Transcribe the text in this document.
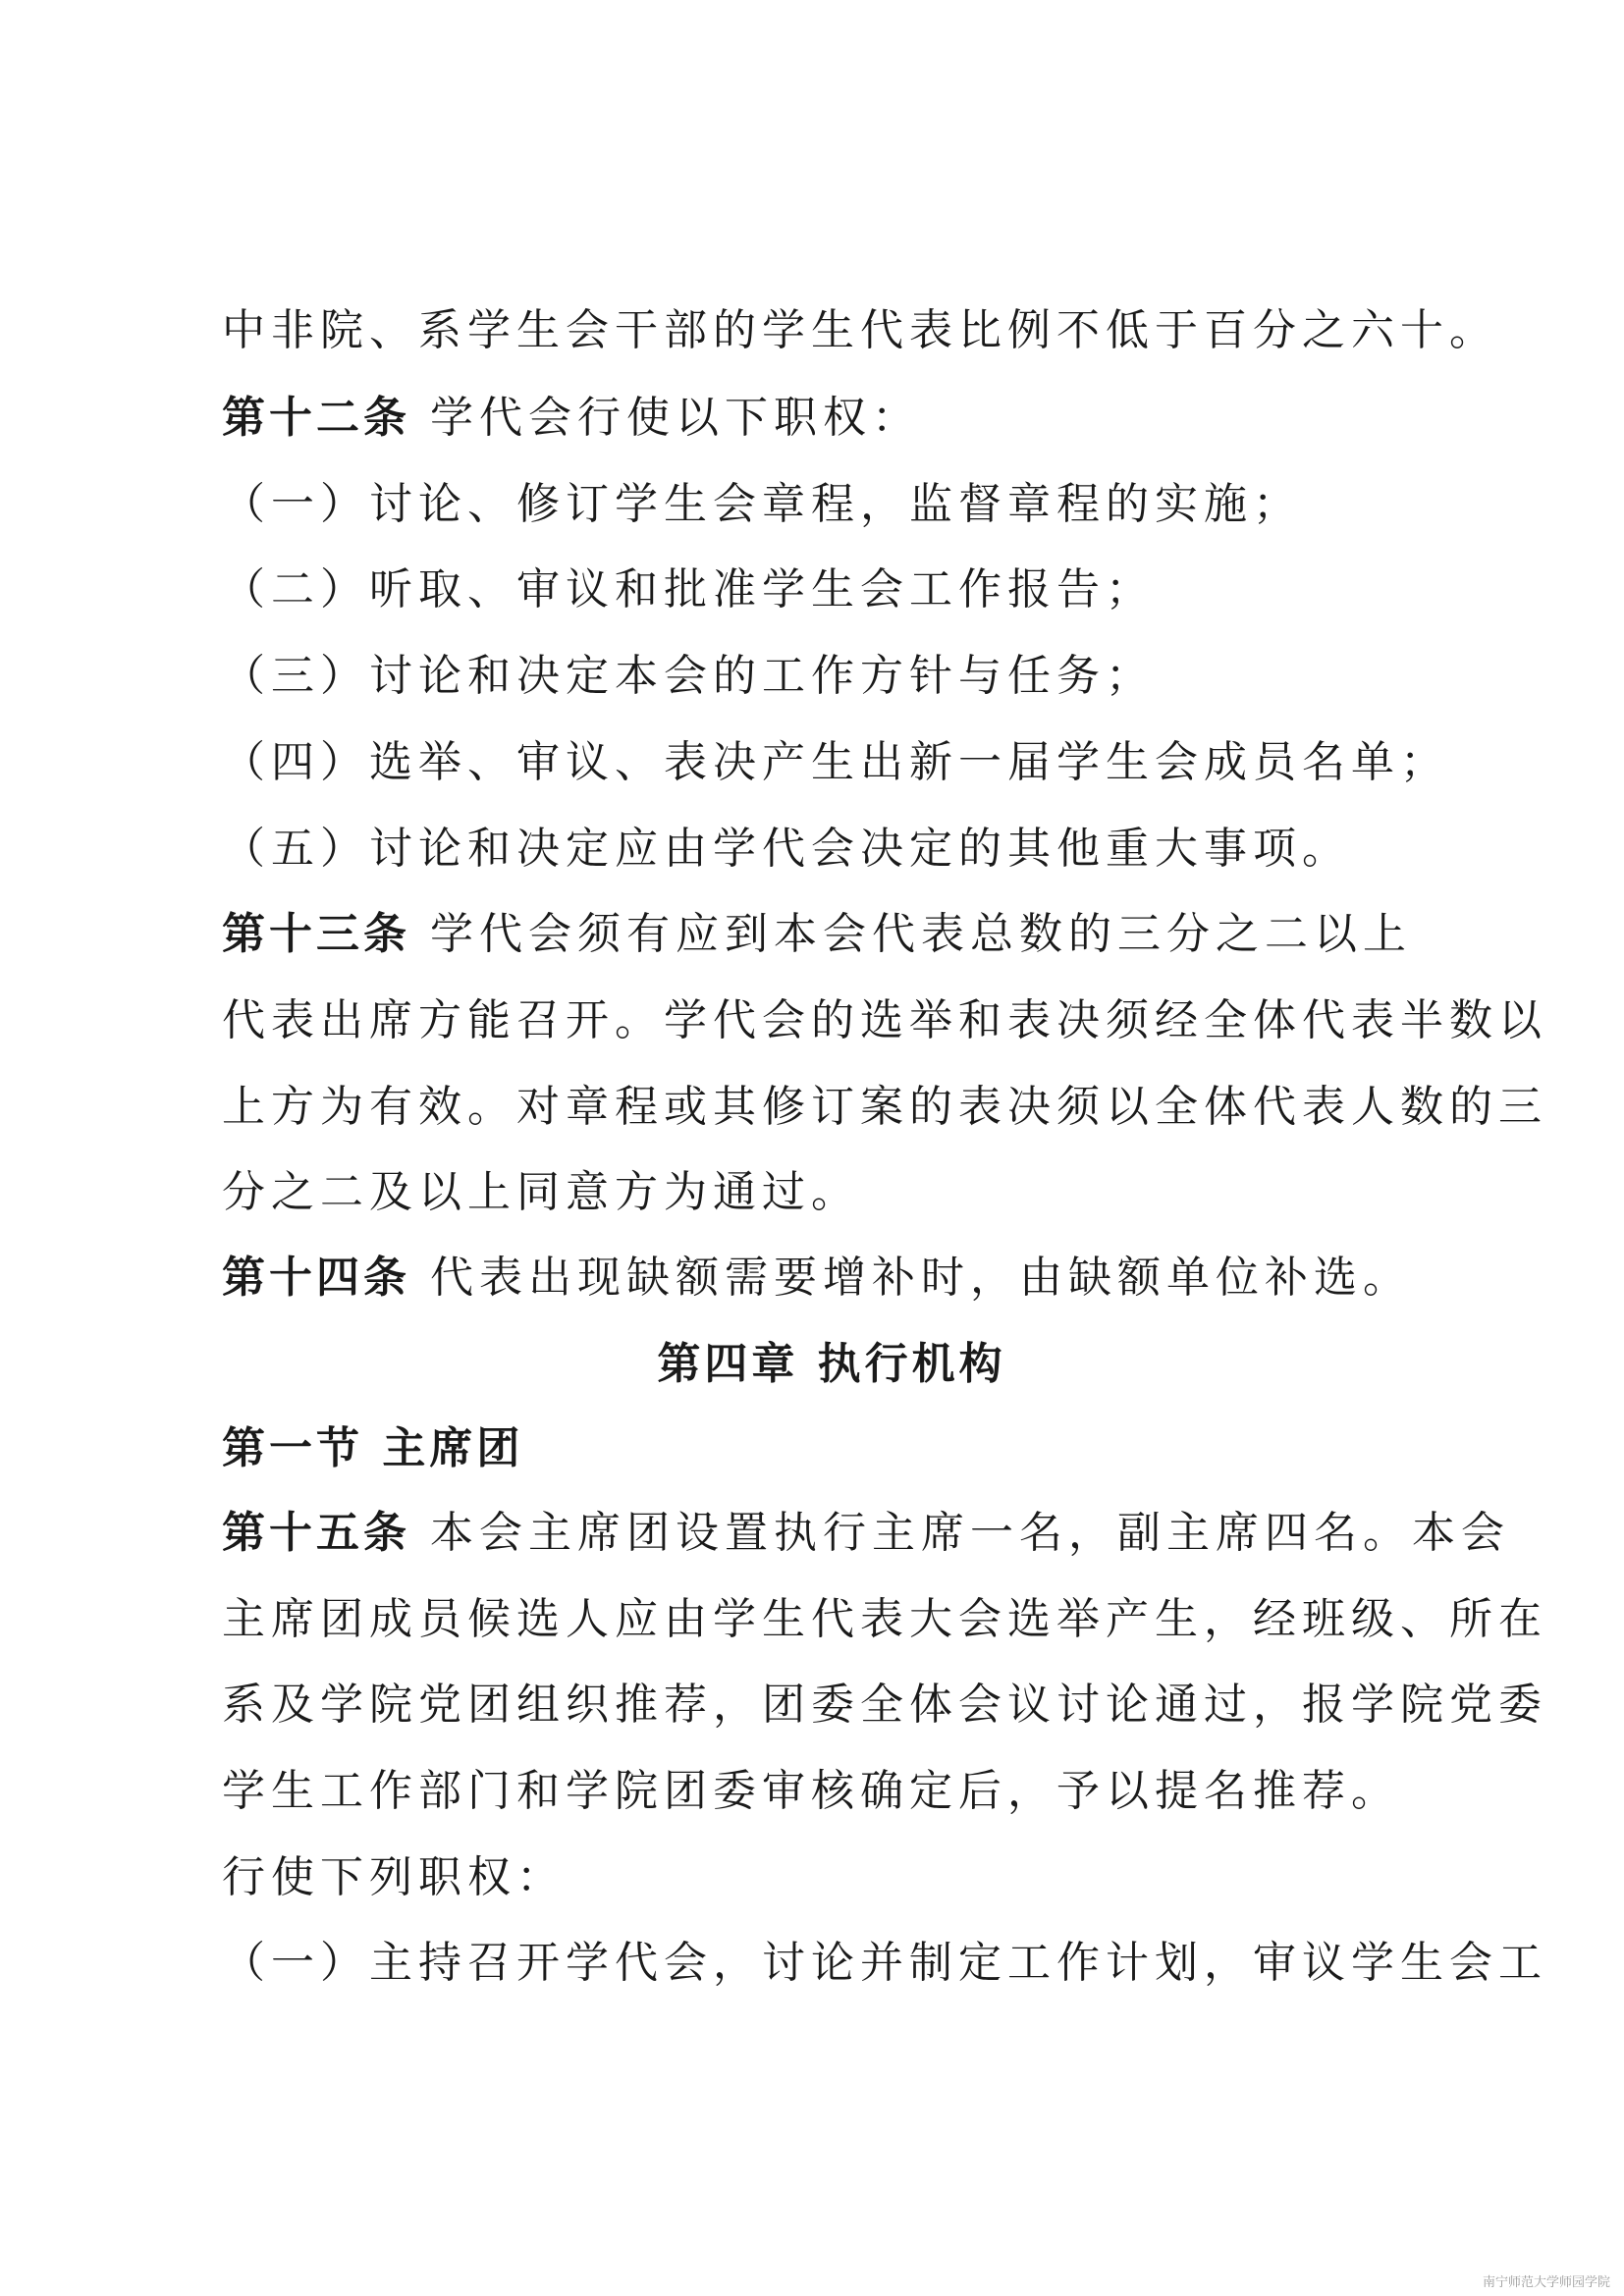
中非院、系学生会干部的学生代表比例不低于百分之六十。
第十二条 学代会行使以下职权：
（一）讨论、修订学生会章程，监督章程的实施；
（二）听取、审议和批准学生会工作报告；
（三）讨论和决定本会的工作方针与任务；
（四）选举、审议、表决产生出新一届学生会成员名单；
（五）讨论和决定应由学代会决定的其他重大事项。
第十三条 学代会须有应到本会代表总数的三分之二以上
代表出席方能召开。学代会的选举和表决须经全体代表半数以
上方为有效。对章程或其修订案的表决须以全体代表人数的三
分之二及以上同意方为通过。
第十四条 代表出现缺额需要增补时，由缺额单位补选。
第四章 执行机构
第一节 主席团
第十五条 本会主席团设置执行主席一名，副主席四名。本会
主席团成员候选人应由学生代表大会选举产生，经班级、所在
系及学院党团组织推荐，团委全体会议讨论通过，报学院党委
学生工作部门和学院团委审核确定后，予以提名推荐。
行使下列职权：
（一）主持召开学代会，讨论并制定工作计划，审议学生会工
南宁师范大学师园学院
